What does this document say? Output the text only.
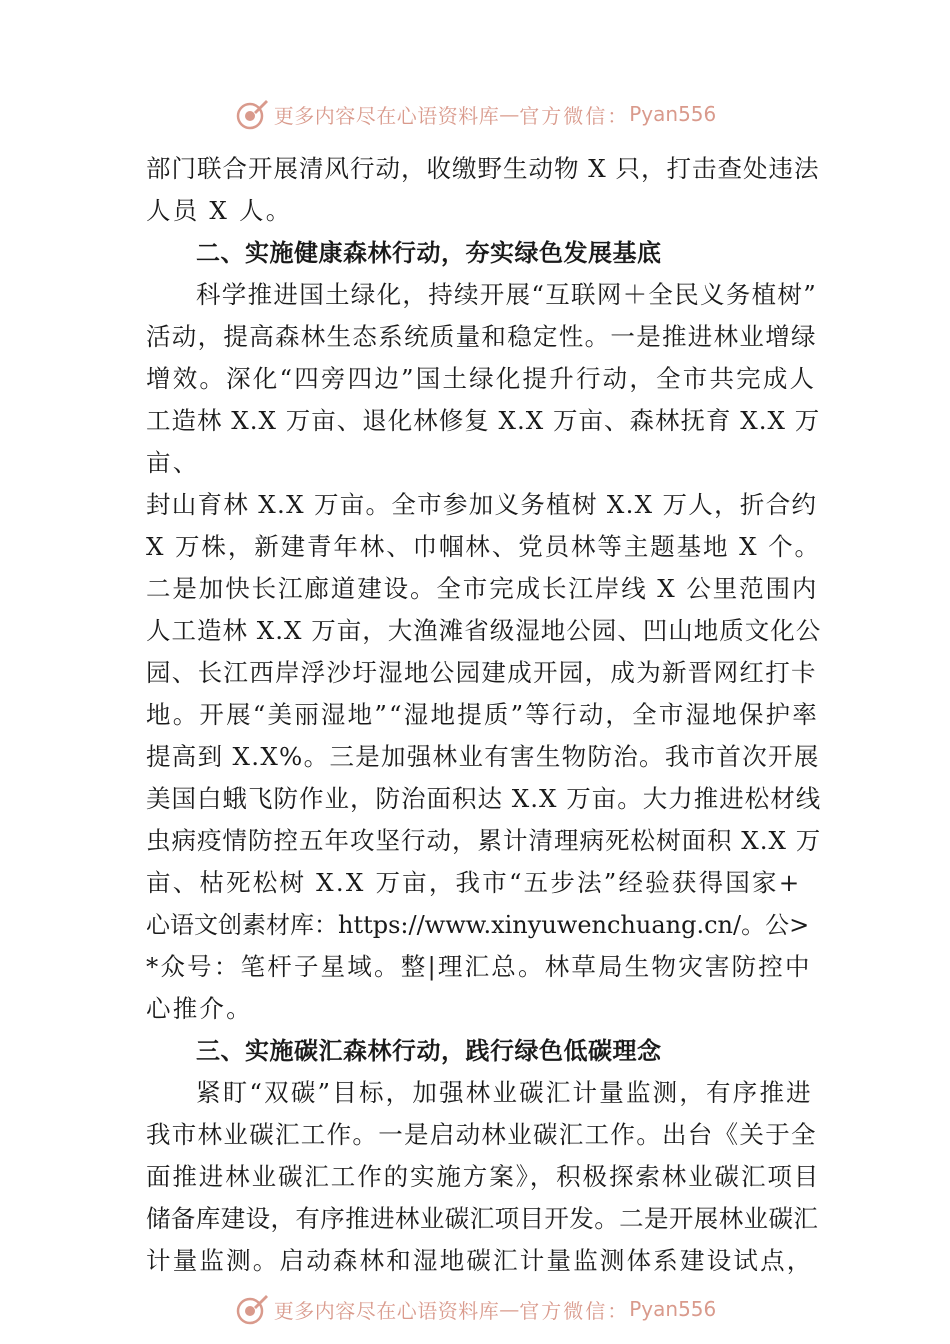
更多内容尽在心语资料库 — 官方微信： Pyan556
部门联合开展清风行动，收缴野生动物 X 只，打击查处违法
人员 X 人。
二、实施健康森林行动，夯实绿色发展基底
科学推进国土绿化，持续开展“互联网＋全民义务植树”
活动，提高森林生态系统质量和稳定性。一是推进林业增绿
增效。深化“四旁四边”国土绿化提升行动，全市共完成人
工造林 X.X 万亩、退化林修复 X.X 万亩、森林抚育 X.X 万
亩、
封山育林 X.X 万亩。全市参加义务植树 X.X 万人，折合约
X 万株，新建青年林、巾帼林、党员林等主题基地 X 个。
二是加快长江廊道建设。全市完成长江岸线 X 公里范围内
人工造林 X.X 万亩，大渔滩省级湿地公园、凹山地质文化公
园、长江西岸浮沙圩湿地公园建成开园，成为新晋网红打卡
地。开展“美丽湿地”“湿地提质”等行动，全市湿地保护率
提高到 X.X%。三是加强林业有害生物防治。我市首次开展
美国白蛾飞防作业，防治面积达 X.X 万亩。大力推进松材线
虫病疫情防控五年攻坚行动，累计清理病死松树面积 X.X 万
亩、枯死松树 X.X 万亩，我市“五步法”经验获得国家+
心语文创素材库：https://www.xinyuwenchuang.cn/。公>
*众号：笔杆子星域。整|理汇总。林草局生物灾害防控中
心推介。
三、实施碳汇森林行动，践行绿色低碳理念
紧盯“双碳”目标，加强林业碳汇计量监测，有序推进
我市林业碳汇工作。一是启动林业碳汇工作。出台《关于全
面推进林业碳汇工作的实施方案》，积极探索林业碳汇项目
储备库建设，有序推进林业碳汇项目开发。二是开展林业碳汇
计量监测。启动森林和湿地碳汇计量监测体系建设试点，
更多内容尽在心语资料库 — 官方微信： Pyan556
